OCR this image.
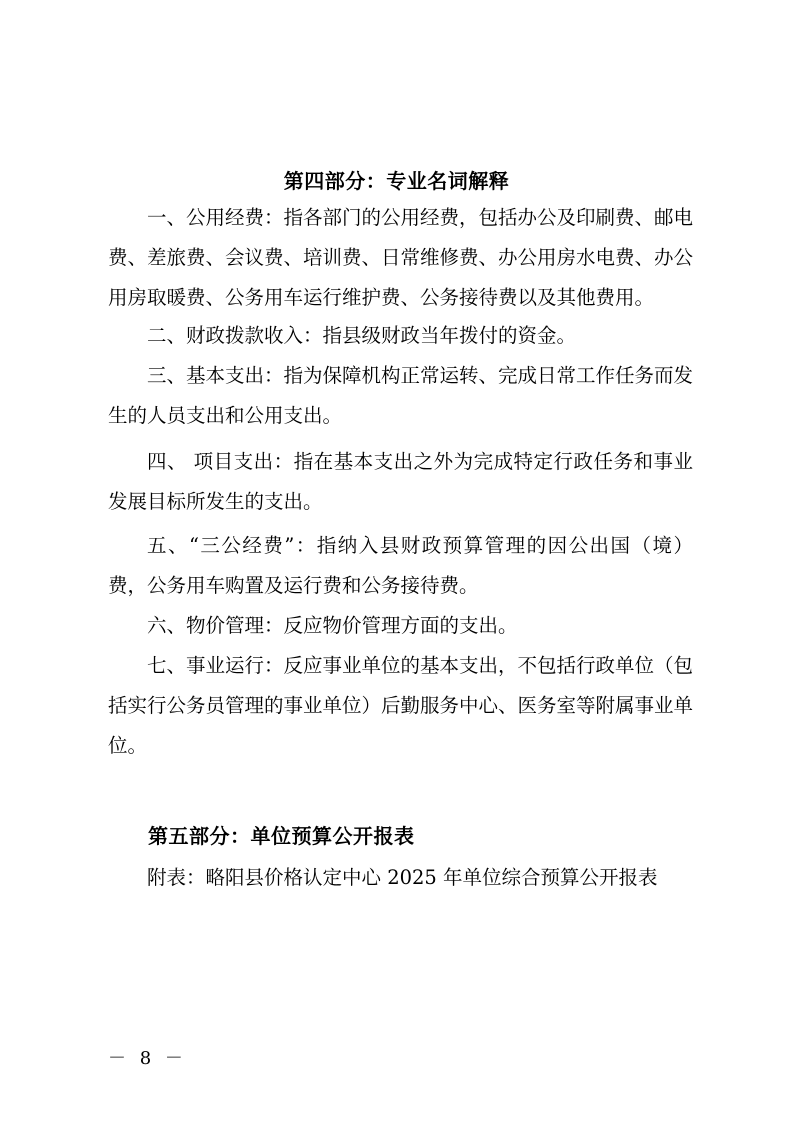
第四部分：专业名词解释

一、公用经费：指各部门的公用经费，包括办公及印刷费、邮电费、差旅费、会议费、培训费、日常维修费、办公用房水电费、办公用房取暖费、公务用车运行维护费、公务接待费以及其他费用。

二、财政拨款收入：指县级财政当年拨付的资金。

三、基本支出：指为保障机构正常运转、完成日常工作任务而发生的人员支出和公用支出。

四、 项目支出：指在基本支出之外为完成特定行政任务和事业发展目标所发生的支出。

五、“三公经费”：指纳入县财政预算管理的因公出国（境）费，公务用车购置及运行费和公务接待费。

六、物价管理：反应物价管理方面的支出。

七、事业运行：反应事业单位的基本支出，不包括行政单位（包括实行公务员管理的事业单位）后勤服务中心、医务室等附属事业单位。

第五部分：单位预算公开报表

附表：略阳县价格认定中心 2025 年单位综合预算公开报表

－ 8 －
